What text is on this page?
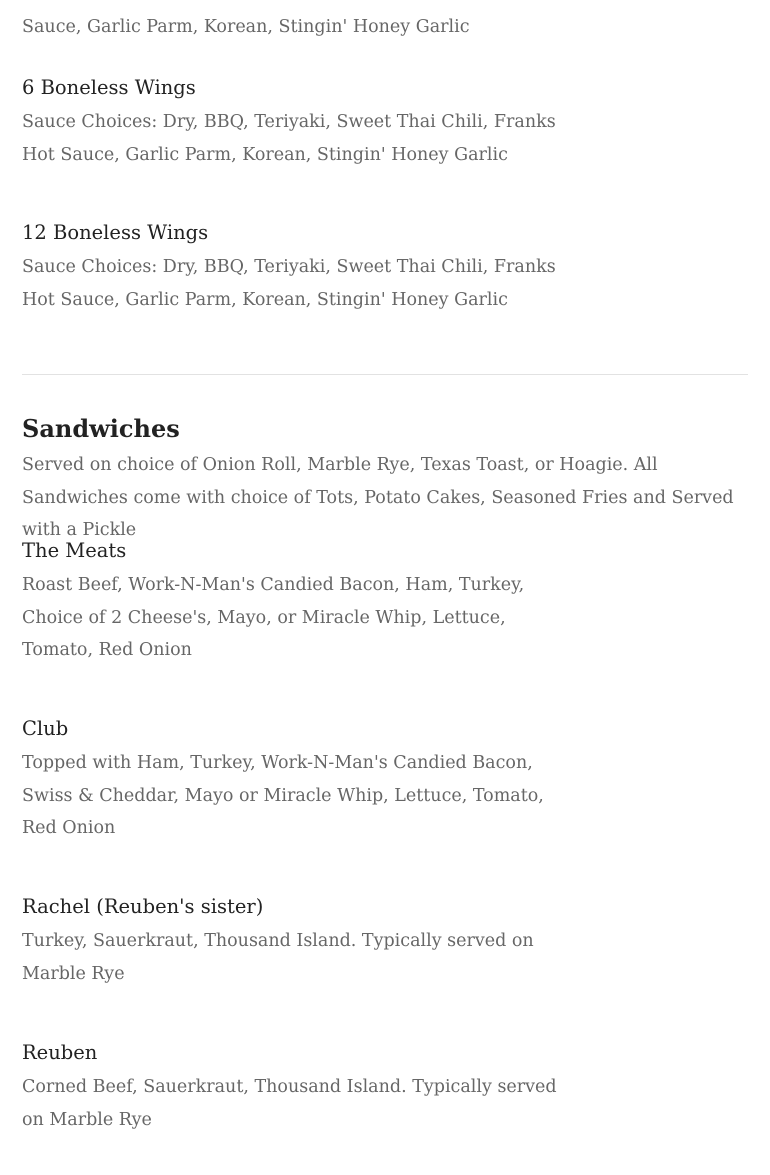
Sauce, Garlic Parm, Korean, Stingin' Honey Garlic

6 Boneless Wings

Sauce Choices: Dry, BBQ, Teriyaki, Sweet Thai Chili, Franks Hot Sauce, Garlic Parm, Korean, Stingin' Honey Garlic

12 Boneless Wings

Sauce Choices: Dry, BBQ, Teriyaki, Sweet Thai Chili, Franks Hot Sauce, Garlic Parm, Korean, Stingin' Honey Garlic

Sandwiches

Served on choice of Onion Roll, Marble Rye, Texas Toast, or Hoagie. All Sandwiches come with choice of Tots, Potato Cakes, Seasoned Fries and Served with a Pickle

The Meats

Roast Beef, Work-N-Man's Candied Bacon, Ham, Turkey, Choice of 2 Cheese's, Mayo, or Miracle Whip, Lettuce, Tomato, Red Onion

Club

Topped with Ham, Turkey, Work-N-Man's Candied Bacon, Swiss & Cheddar, Mayo or Miracle Whip, Lettuce, Tomato, Red Onion

Rachel (Reuben's sister)

Turkey, Sauerkraut, Thousand Island. Typically served on Marble Rye

Reuben

Corned Beef, Sauerkraut, Thousand Island. Typically served on Marble Rye
